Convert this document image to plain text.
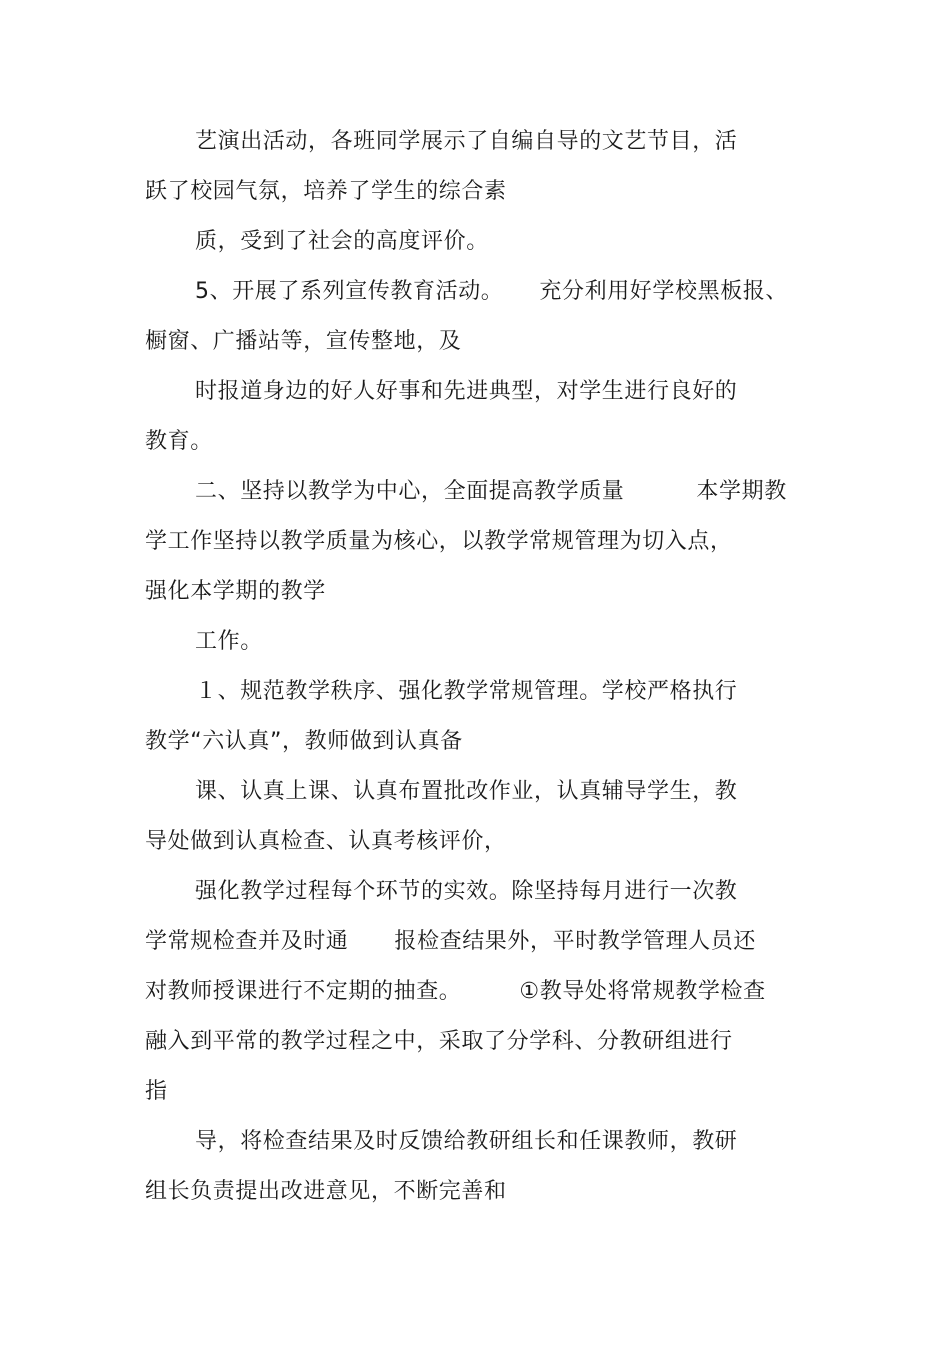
艺演出活动，各班同学展示了自编自导的文艺节目，活
跃了校园气氛，培养了学生的综合素
质，受到了社会的高度评价。
5、开展了系列宣传教育活动。 充分利用好学校黑板报、
橱窗、广播站等，宣传整地，及
时报道身边的好人好事和先进典型，对学生进行良好的
教育。
二、坚持以教学为中心，全面提高教学质量	本学期教
学工作坚持以教学质量为核心，以教学常规管理为切入点，
强化本学期的教学
工作。
１、规范教学秩序、强化教学常规管理。学校严格执行
教学“六认真”，教师做到认真备
课、认真上课、认真布置批改作业，认真辅导学生，教
导处做到认真检查、认真考核评价，
强化教学过程每个环节的实效。除坚持每月进行一次教
学常规检查并及时通 报检查结果外，平时教学管理人员还
对教师授课进行不定期的抽查。	①教导处将常规教学检查
融入到平常的教学过程之中，采取了分学科、分教研组进行
指
导，将检查结果及时反馈给教研组长和任课教师，教研
组长负责提出改进意见，不断完善和
